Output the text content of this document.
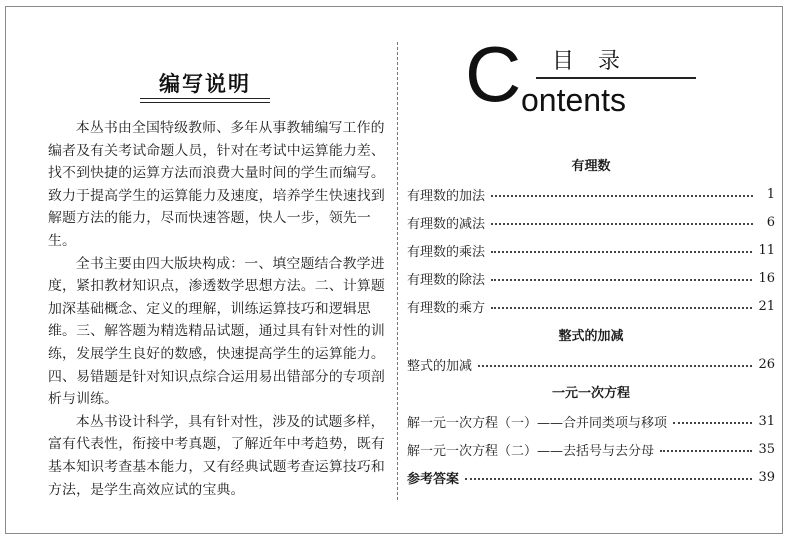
编写说明

本丛书由全国特级教师、多年从事教辅编写工作的编者及有关考试命题人员，针对在考试中运算能力差、找不到快捷的运算方法而浪费大量时间的学生而编写。致力于提高学生的运算能力及速度，培养学生快速找到解题方法的能力，尽而快速答题，快人一步，领先一生。

全书主要由四大版块构成：一、填空题结合教学进度，紧扣教材知识点，渗透数学思想方法。二、计算题加深基础概念、定义的理解，训练运算技巧和逻辑思维。三、解答题为精选精品试题，通过具有针对性的训练，发展学生良好的数感，快速提高学生的运算能力。四、易错题是针对知识点综合运用易出错部分的专项剖析与训练。

本丛书设计科学，具有针对性，涉及的试题多样，富有代表性，衔接中考真题，了解近年中考趋势，既有基本知识考查基本能力，又有经典试题考查运算技巧和方法，是学生高效应试的宝典。

C 目录
ontents
有理数
有理数的加法	1
有理数的减法	6
有理数的乘法	11
有理数的除法	16
有理数的乘方	21
整式的加减
整式的加减	26
一元一次方程
解一元一次方程（一）——合并同类项与移项	31
解一元一次方程（二）——去括号与去分母	35
参考答案	39
